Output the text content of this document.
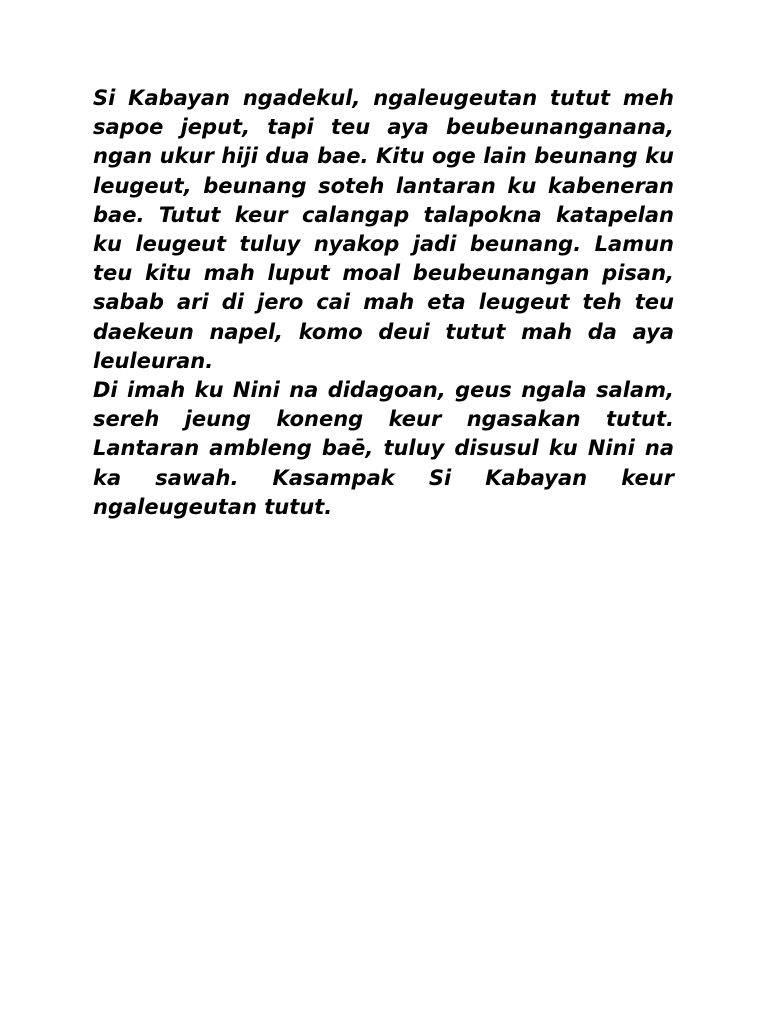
Si Kabayan ngadekul, ngaleugeutan tutut meh sapoe jeput, tapi teu aya beubeunanganana, ngan ukur hiji dua bae. Kitu oge lain beunang ku leugeut, beunang soteh lantaran ku kabeneran bae. Tutut keur calangap talapokna katapelan ku leugeut tuluy nyakop jadi beunang. Lamun teu kitu mah luput moal beubeunangan pisan, sabab ari di jero cai mah eta leugeut teh teu daekeun napel, komo deui tutut mah da aya leuleuran.
Di imah ku Nini na didagoan, geus ngala salam, sereh jeung koneng keur ngasakan tutut. Lantaran ambleng baē, tuluy disusul ku Nini na ka sawah. Kasampak Si Kabayan keur ngaleugeutan tutut.
